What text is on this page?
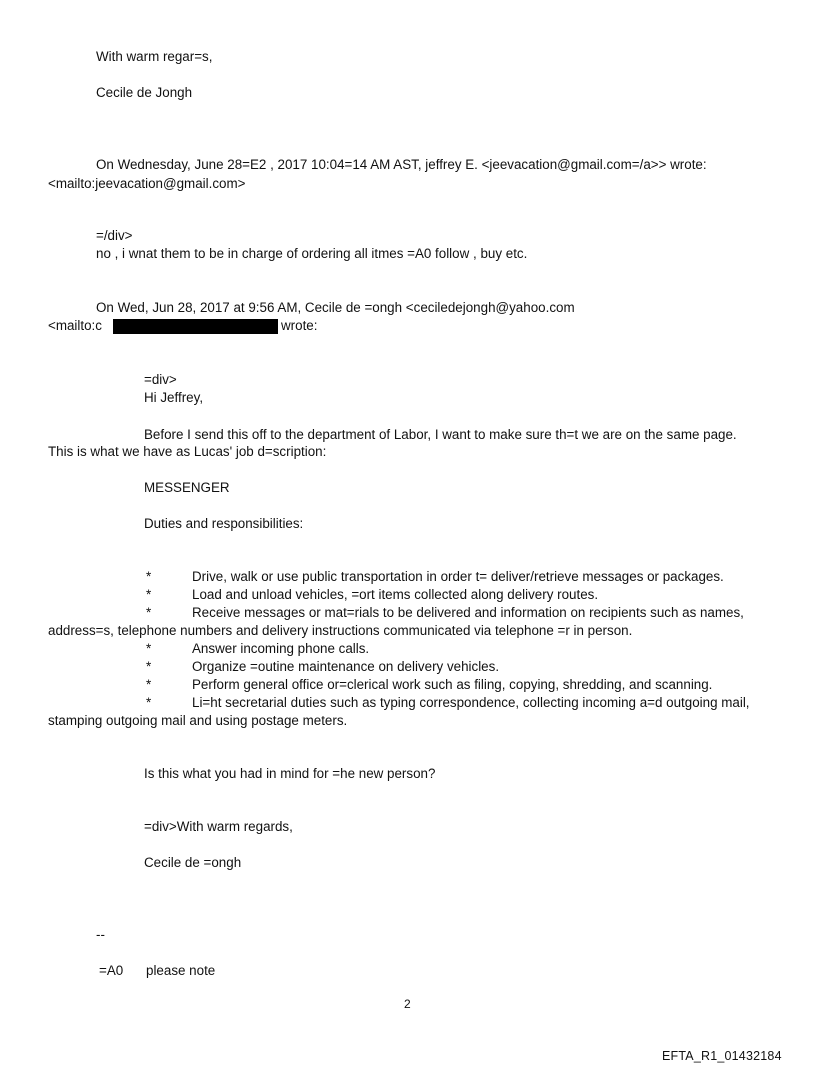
With warm regar=s,
Cecile de Jongh
On Wednesday, June 28=E2 , 2017 10:04=14 AM AST, jeffrey E. <jeevacation@gmail.com=/a>> wrote:
<mailto:jeevacation@gmail.com>
=/div>
no , i wnat them to be in charge of ordering all itmes =A0 follow , buy etc.
On Wed, Jun 28, 2017 at 9:56 AM, Cecile de =ongh <ceciledejongh@yahoo.com
<mailto:c	wrote:
=div>
Hi Jeffrey,
Before I send this off to the department of Labor, I want to make sure th=t we are on the same page.
This is what we have as Lucas' job d=scription:
MESSENGER
Duties and responsibilities:
*	Drive, walk or use public transportation in order t= deliver/retrieve messages or packages.
*	Load and unload vehicles, =ort items collected along delivery routes.
*	Receive messages or mat=rials to be delivered and information on recipients such as names,
address=s, telephone numbers and delivery instructions communicated via telephone =r in person.
*	Answer incoming phone calls.
*	Organize =outine maintenance on delivery vehicles.
*	Perform general office or=clerical work such as filing, copying, shredding, and scanning.
*	Li=ht secretarial duties such as typing correspondence, collecting incoming a=d outgoing mail,
stamping outgoing mail and using postage meters.
Is this what you had in mind for =he new person?
=div>With warm regards,
Cecile de =ongh
--
=A0 please note
2
EFTA_R1_01432184
